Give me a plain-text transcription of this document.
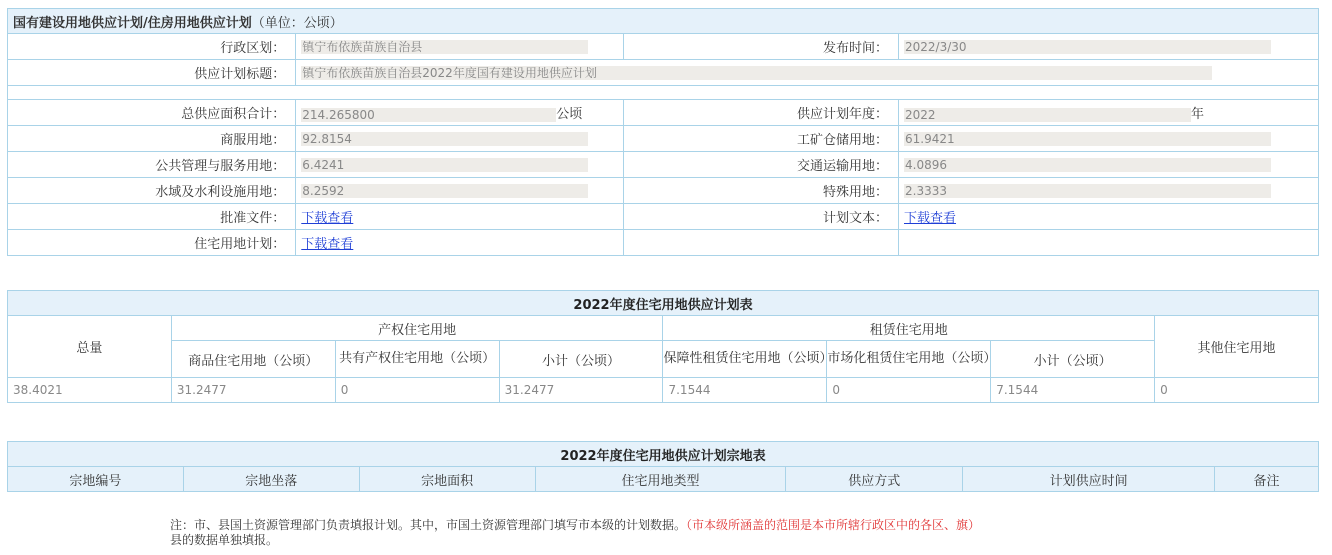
国有建设用地供应计划/住房用地供应计划（单位：公顷）			
行政区划：	镇宁布依族苗族自治县	发布时间：	2022/3/30
供应计划标题：	镇宁布依族苗族自治县2022年度国有建设用地供应计划		

总供应面积合计：	214.265800 公顷	供应计划年度：	2022 年
商服用地：	92.8154	工矿仓储用地：	61.9421
公共管理与服务用地：	6.4241	交通运输用地：	4.0896
水域及水利设施用地：	8.2592	特殊用地：	2.3333
批准文件：	下载查看	计划文本：	下载查看
住宅用地计划：	下载查看		
2022年度住宅用地供应计划表							
总量	产权住宅用地			租赁住宅用地			其他住宅用地
	商品住宅用地（公顷）	共有产权住宅用地（公顷）	小计（公顷）	保障性租赁住宅用地（公顷）	市场化租赁住宅用地（公顷）	小计（公顷）	
38.4021	31.2477	0	31.2477	7.1544	0	7.1544	0
2022年度住宅用地供应计划宗地表
宗地编号	宗地坐落	宗地面积	住宅用地类型	供应方式	计划供应时间	备注
注：市、县国土资源管理部门负责填报计划。其中，市国土资源管理部门填写市本级的计划数据。（市本级所涵盖的范围是本市所辖行政区中的各区、旗）
县的数据单独填报。
